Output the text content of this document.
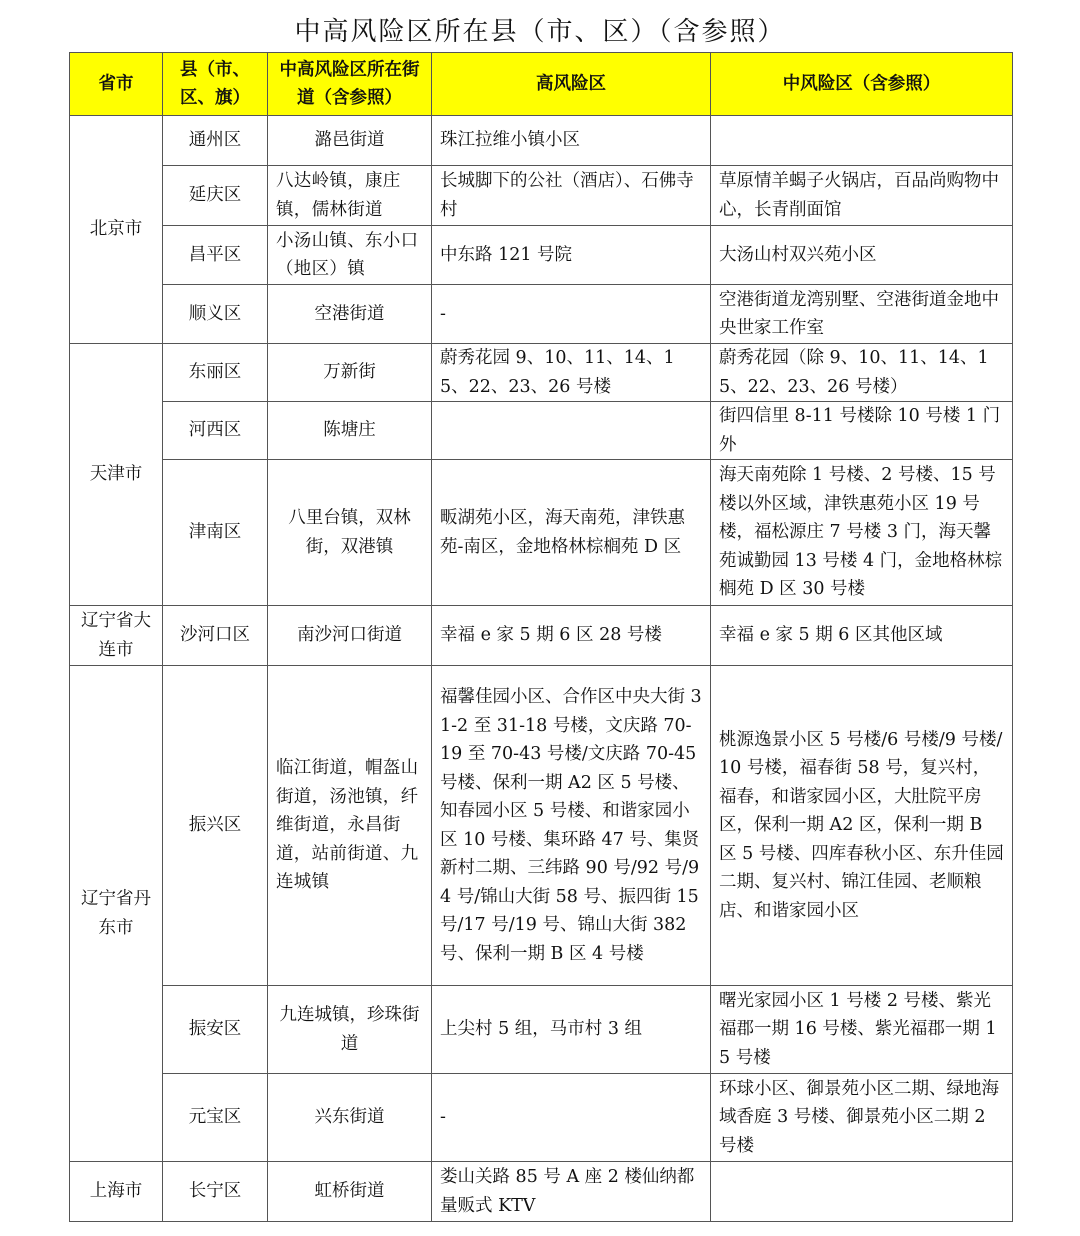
中高风险区所在县（市、区）（含参照）
省市	县（市、区、旗）	中高风险区所在街道（含参照）	高风险区	中风险区（含参照）
北京市	通州区	潞邑街道	珠江拉维小镇小区	
	延庆区	八达岭镇，康庄镇，儒林街道	长城脚下的公社（酒店）、石佛寺村	草原情羊蝎子火锅店，百品尚购物中心，长青削面馆
	昌平区	小汤山镇、东小口（地区）镇	中东路 121 号院	大汤山村双兴苑小区
	顺义区	空港街道	-	空港街道龙湾别墅、空港街道金地中央世家工作室
天津市	东丽区	万新街	蔚秀花园 9、10、11、14、15、22、23、26 号楼	蔚秀花园（除 9、10、11、14、15、22、23、26 号楼）
	河西区	陈塘庄		街四信里 8-11 号楼除 10 号楼 1 门外
	津南区	八里台镇，双林街，双港镇	畈湖苑小区，海天南苑，津铁惠苑-南区，金地格林棕榈苑 D 区	海天南苑除 1 号楼、2 号楼、15 号楼以外区域，津铁惠苑小区 19 号楼，福松源庄 7 号楼 3 门，海天馨苑诚勤园 13 号楼 4 门，金地格林棕榈苑 D 区 30 号楼
辽宁省大连市	沙河口区	南沙河口街道	幸福 e 家 5 期 6 区 28 号楼	幸福 e 家 5 期 6 区其他区域
辽宁省丹东市	振兴区	临江街道，帽盔山街道，汤池镇，纤维街道，永昌街道，站前街道、九连城镇	福馨佳园小区、合作区中央大街 31-2 至 31-18 号楼，文庆路 70-19 至 70-43 号楼/文庆路 70-45 号楼、保利一期 A2 区 5 号楼、知春园小区 5 号楼、和谐家园小区 10 号楼、集环路 47 号、集贤新村二期、三纬路 90 号/92 号/94 号/锦山大街 58 号、振四街 15 号/17 号/19 号、锦山大街 382 号、保利一期 B 区 4 号楼	桃源逸景小区 5 号楼/6 号楼/9 号楼/10 号楼，福春街 58 号，复兴村，福春，和谐家园小区，大肚院平房区，保利一期 A2 区，保利一期 B 区 5 号楼、四库春秋小区、东升佳园二期、复兴村、锦江佳园、老顺粮店、和谐家园小区
	振安区	九连城镇，珍珠街道	上尖村 5 组，马市村 3 组	曙光家园小区 1 号楼 2 号楼、紫光福郡一期 16 号楼、紫光福郡一期 15 号楼
	元宝区	兴东街道	-	环球小区、御景苑小区二期、绿地海域香庭 3 号楼、御景苑小区二期 2 号楼
上海市	长宁区	虹桥街道	娄山关路 85 号 A 座 2 楼仙纳都量贩式 KTV	
